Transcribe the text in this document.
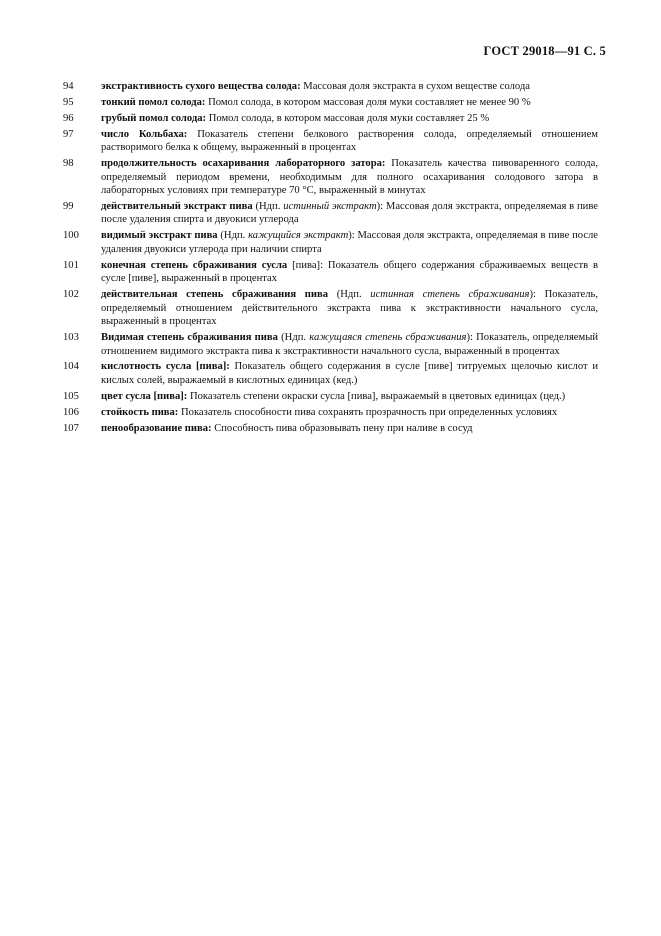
ГОСТ 29018—91 С. 5
94	экстрактивность сухого вещества солода: Массовая доля экстракта в сухом веществе солода
95	тонкий помол солода: Помол солода, в котором массовая доля муки составляет не менее 90 %
96	грубый помол солода: Помол солода, в котором массовая доля муки составляет 25 %
97	число Кольбаха: Показатель степени белкового растворения солода, определяемый отношением растворимого белка к общему, выраженный в процентах
98	продолжительность осахаривания лабораторного затора: Показатель качества пивоваренного солода, определяемый периодом времени, необходимым для полного осахаривания солодового затора в лабораторных условиях при температуре 70 °С, выраженный в минутах
99	действительный экстракт пива (Ндп. истинный экстракт): Массовая доля экстракта, определяемая в пиве после удаления спирта и двуокиси углерода
100	видимый экстракт пива (Ндп. кажущийся экстракт): Массовая доля экстракта, определяемая в пиве после удаления двуокиси углерода при наличии спирта
101	конечная степень сбраживания сусла [пива]: Показатель общего содержания сбраживаемых веществ в сусле [пиве], выраженный в процентах
102	действительная степень сбраживания пива (Ндп. истинная степень сбраживания): Показатель, определяемый отношением действительного экстракта пива к экстрактивности начального сусла, выраженный в процентах
103	Видимая степень сбраживания пива (Ндп. кажущаяся степень сбраживания): Показатель, определяемый отношением видимого экстракта пива к экстрактивности начального сусла, выраженный в процентах
104	кислотность сусла [пива]: Показатель общего содержания в сусле [пиве] титруемых щелочью кислот и кислых солей, выражаемый в кислотных единицах (кед.)
105	цвет сусла [пива]: Показатель степени окраски сусла [пива], выражаемый в цветовых единицах (цед.)
106	стойкость пива: Показатель способности пива сохранять прозрачность при определенных условиях
107	пенообразование пива: Способность пива образовывать пену при наливе в сосуд
